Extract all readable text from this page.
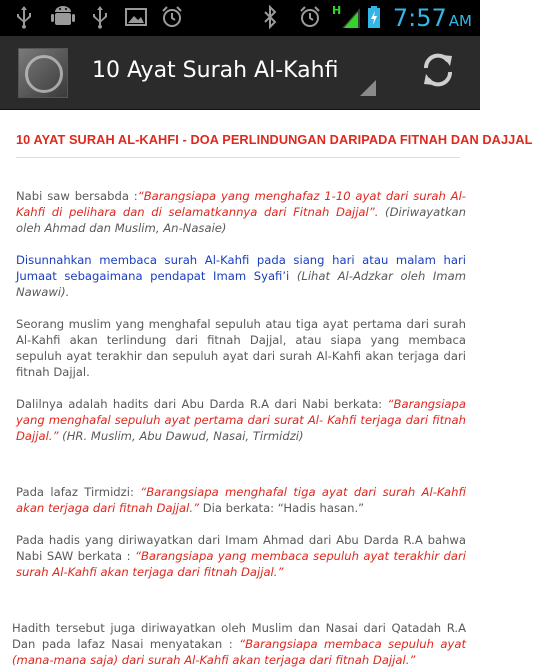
H 7:57 AM
10 Ayat Surah Al-Kahfi
10 AYAT SURAH AL-KAHFI - DOA PERLINDUNGAN DARIPADA FITNAH DAN DAJJAL

Nabi saw bersabda :“Barangsiapa yang menghafaz 1-10 ayat dari surah Al-Kahfi di pelihara dan di selamatkannya dari Fitnah Dajjal”. (Diriwayatkan oleh Ahmad dan Muslim, An-Nasaie)

Disunnahkan membaca surah Al-Kahfi pada siang hari atau malam hari Jumaat sebagaimana pendapat Imam Syafi’i (Lihat Al-Adzkar oleh Imam Nawawi).

Seorang muslim yang menghafal sepuluh atau tiga ayat pertama dari surah Al-Kahfi akan terlindung dari fitnah Dajjal, atau siapa yang membaca sepuluh ayat terakhir dan sepuluh ayat dari surah Al-Kahfi akan terjaga dari fitnah Dajjal.

Dalilnya adalah hadits dari Abu Darda R.A dari Nabi berkata: “Barangsiapa yang menghafal sepuluh ayat pertama dari surat Al- Kahfi terjaga dari fitnah Dajjal.” (HR. Muslim, Abu Dawud, Nasai, Tirmidzi)

Pada lafaz Tirmidzi: “Barangsiapa menghafal tiga ayat dari surah Al-Kahfi akan terjaga dari fitnah Dajjal.” Dia berkata: “Hadis hasan.”

Pada hadis yang diriwayatkan dari Imam Ahmad dari Abu Darda R.A bahwa Nabi SAW berkata : “Barangsiapa yang membaca sepuluh ayat terakhir dari surah Al-Kahfi akan terjaga dari fitnah Dajjal.”

Hadith tersebut juga diriwayatkan oleh Muslim dan Nasai dari Qatadah R.A Dan pada lafaz Nasai menyatakan : “Barangsiapa membaca sepuluh ayat (mana-mana saja) dari surah Al-Kahfi akan terjaga dari fitnah Dajjal.”
